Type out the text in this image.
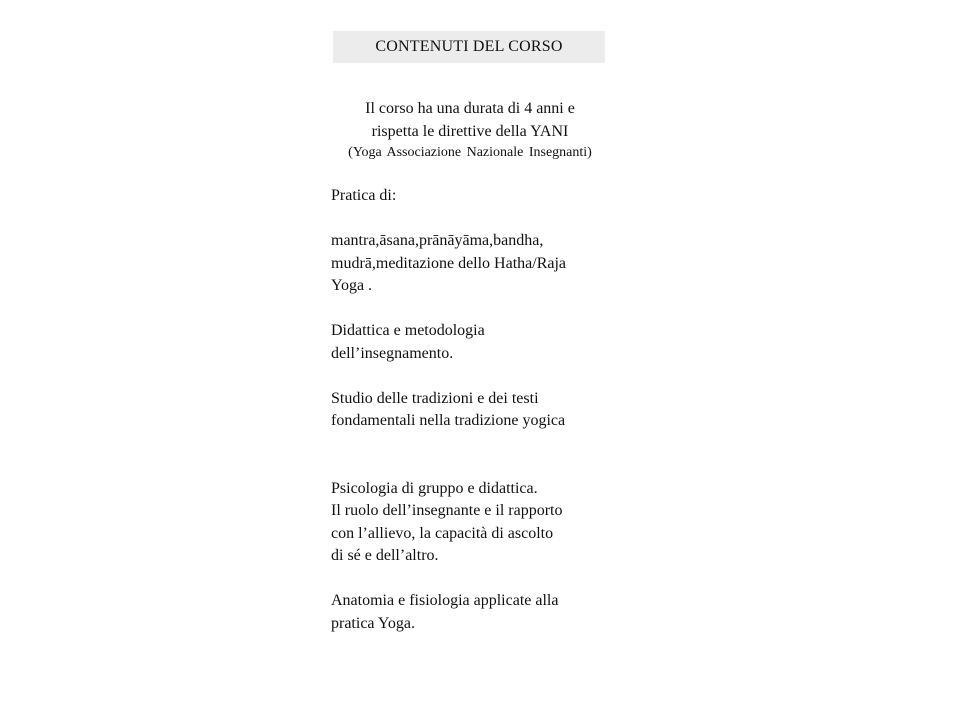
CONTENUTI DEL CORSO
Il corso ha una durata di 4 anni e
rispetta le direttive della YANI
(Yoga Associazione Nazionale Insegnanti)

Pratica di:

mantra,āsana,prānāyāma,bandha,
mudrā,meditazione dello Hatha/Raja
Yoga .

Didattica e metodologia
dell’insegnamento.

Studio delle tradizioni e dei testi
fondamentali nella tradizione yogica

Psicologia di gruppo e didattica.
Il ruolo dell’insegnante e il rapporto
con l’allievo, la capacità di ascolto
di sé e dell’altro.

Anatomia e fisiologia applicate alla
pratica Yoga.
